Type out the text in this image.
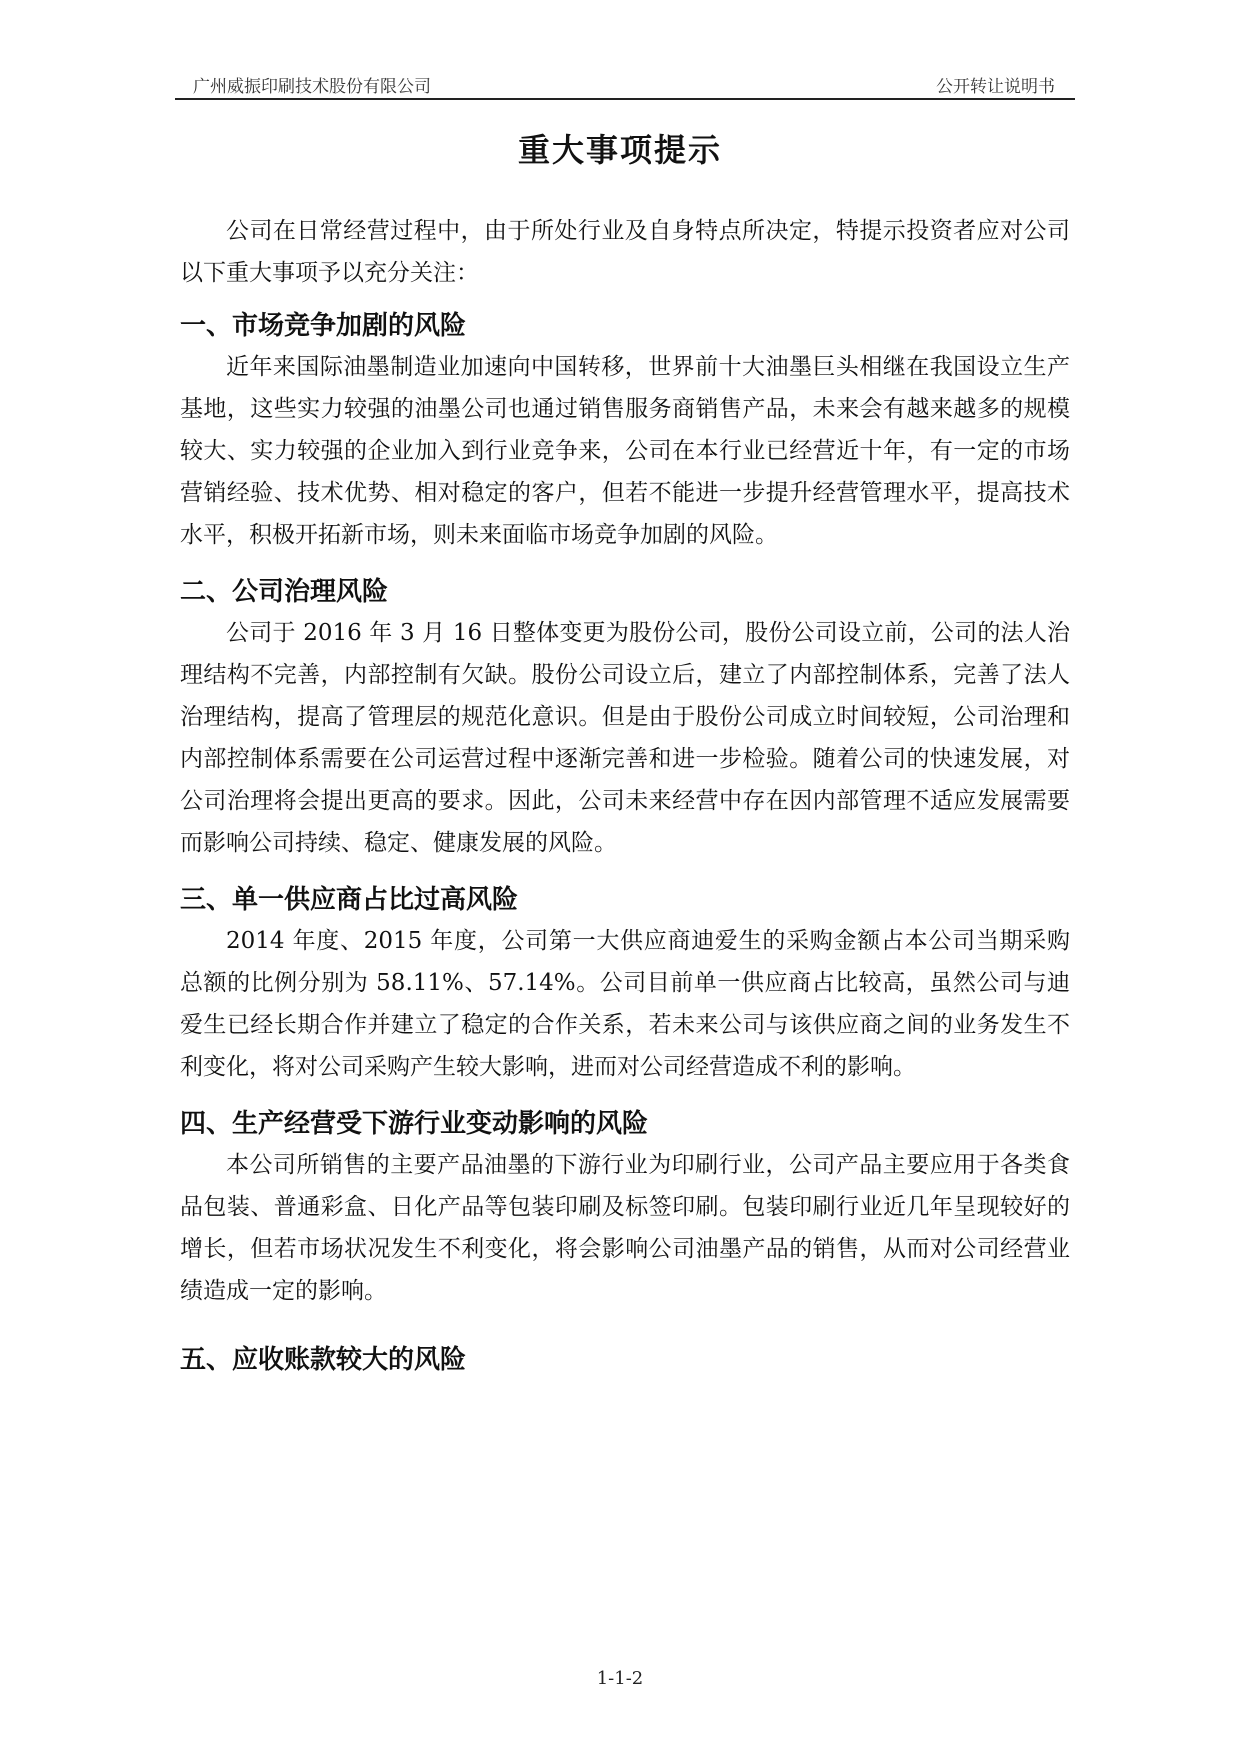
广州威振印刷技术股份有限公司	公开转让说明书
重大事项提示

公司在日常经营过程中，由于所处行业及自身特点所决定，特提示投资者应对公司以下重大事项予以充分关注：

一、市场竞争加剧的风险

近年来国际油墨制造业加速向中国转移，世界前十大油墨巨头相继在我国设立生产基地，这些实力较强的油墨公司也通过销售服务商销售产品，未来会有越来越多的规模较大、实力较强的企业加入到行业竞争来，公司在本行业已经营近十年，有一定的市场营销经验、技术优势、相对稳定的客户，但若不能进一步提升经营管理水平，提高技术水平，积极开拓新市场，则未来面临市场竞争加剧的风险。

二、公司治理风险

公司于 2016 年 3 月 16 日整体变更为股份公司，股份公司设立前，公司的法人治理结构不完善，内部控制有欠缺。股份公司设立后，建立了内部控制体系，完善了法人治理结构，提高了管理层的规范化意识。但是由于股份公司成立时间较短，公司治理和内部控制体系需要在公司运营过程中逐渐完善和进一步检验。随着公司的快速发展，对公司治理将会提出更高的要求。因此，公司未来经营中存在因内部管理不适应发展需要而影响公司持续、稳定、健康发展的风险。

三、单一供应商占比过高风险

2014 年度、2015 年度，公司第一大供应商迪爱生的采购金额占本公司当期采购总额的比例分别为 58.11%、57.14%。公司目前单一供应商占比较高，虽然公司与迪爱生已经长期合作并建立了稳定的合作关系，若未来公司与该供应商之间的业务发生不利变化，将对公司采购产生较大影响，进而对公司经营造成不利的影响。

四、生产经营受下游行业变动影响的风险

本公司所销售的主要产品油墨的下游行业为印刷行业，公司产品主要应用于各类食品包装、普通彩盒、日化产品等包装印刷及标签印刷。包装印刷行业近几年呈现较好的增长，但若市场状况发生不利变化，将会影响公司油墨产品的销售，从而对公司经营业绩造成一定的影响。

五、应收账款较大的风险
1-1-2
